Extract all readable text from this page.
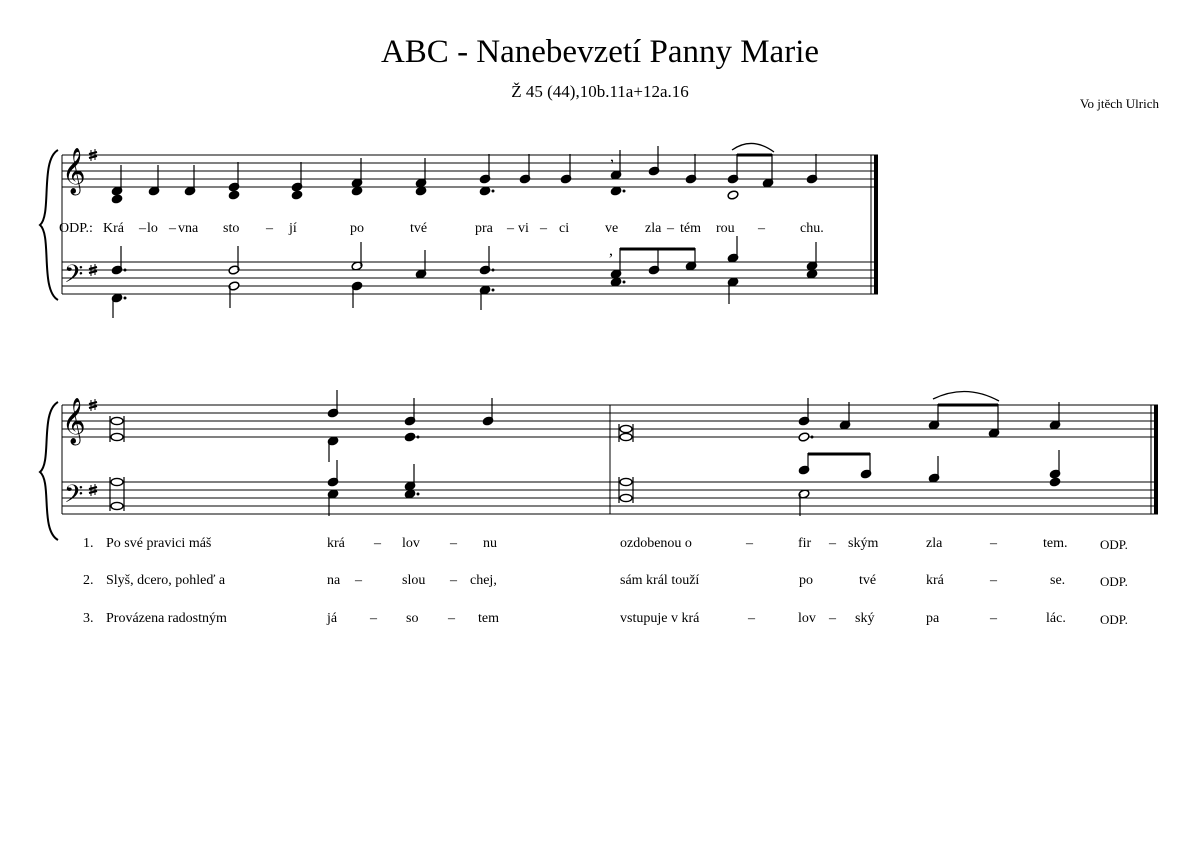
ABC - Nanebevzetí Panny Marie
Ž 45 (44),10b.11a+12a.16
Vo jtěch Ulrich
𝄞
𝄢
,
,
𝄞
𝄢
ODP.: Krá – lo – vna sto – jí	po	tvé	pra – vi – ci	ve zla – tém rou –	chu.
1. Po své pravici máš	krá – lov – nu	ozdobenou o	–	fir – ským	zla	–	tem.	ODP.
2. Slyš, dcero, pohleď a	na –	slou – chej,	sám král touží	po	tvé	krá	–	se.	ODP.
3. Provázena radostným	já – so – tem	vstupuje v krá	–	lov – ský	pa	–	lác.	ODP.
